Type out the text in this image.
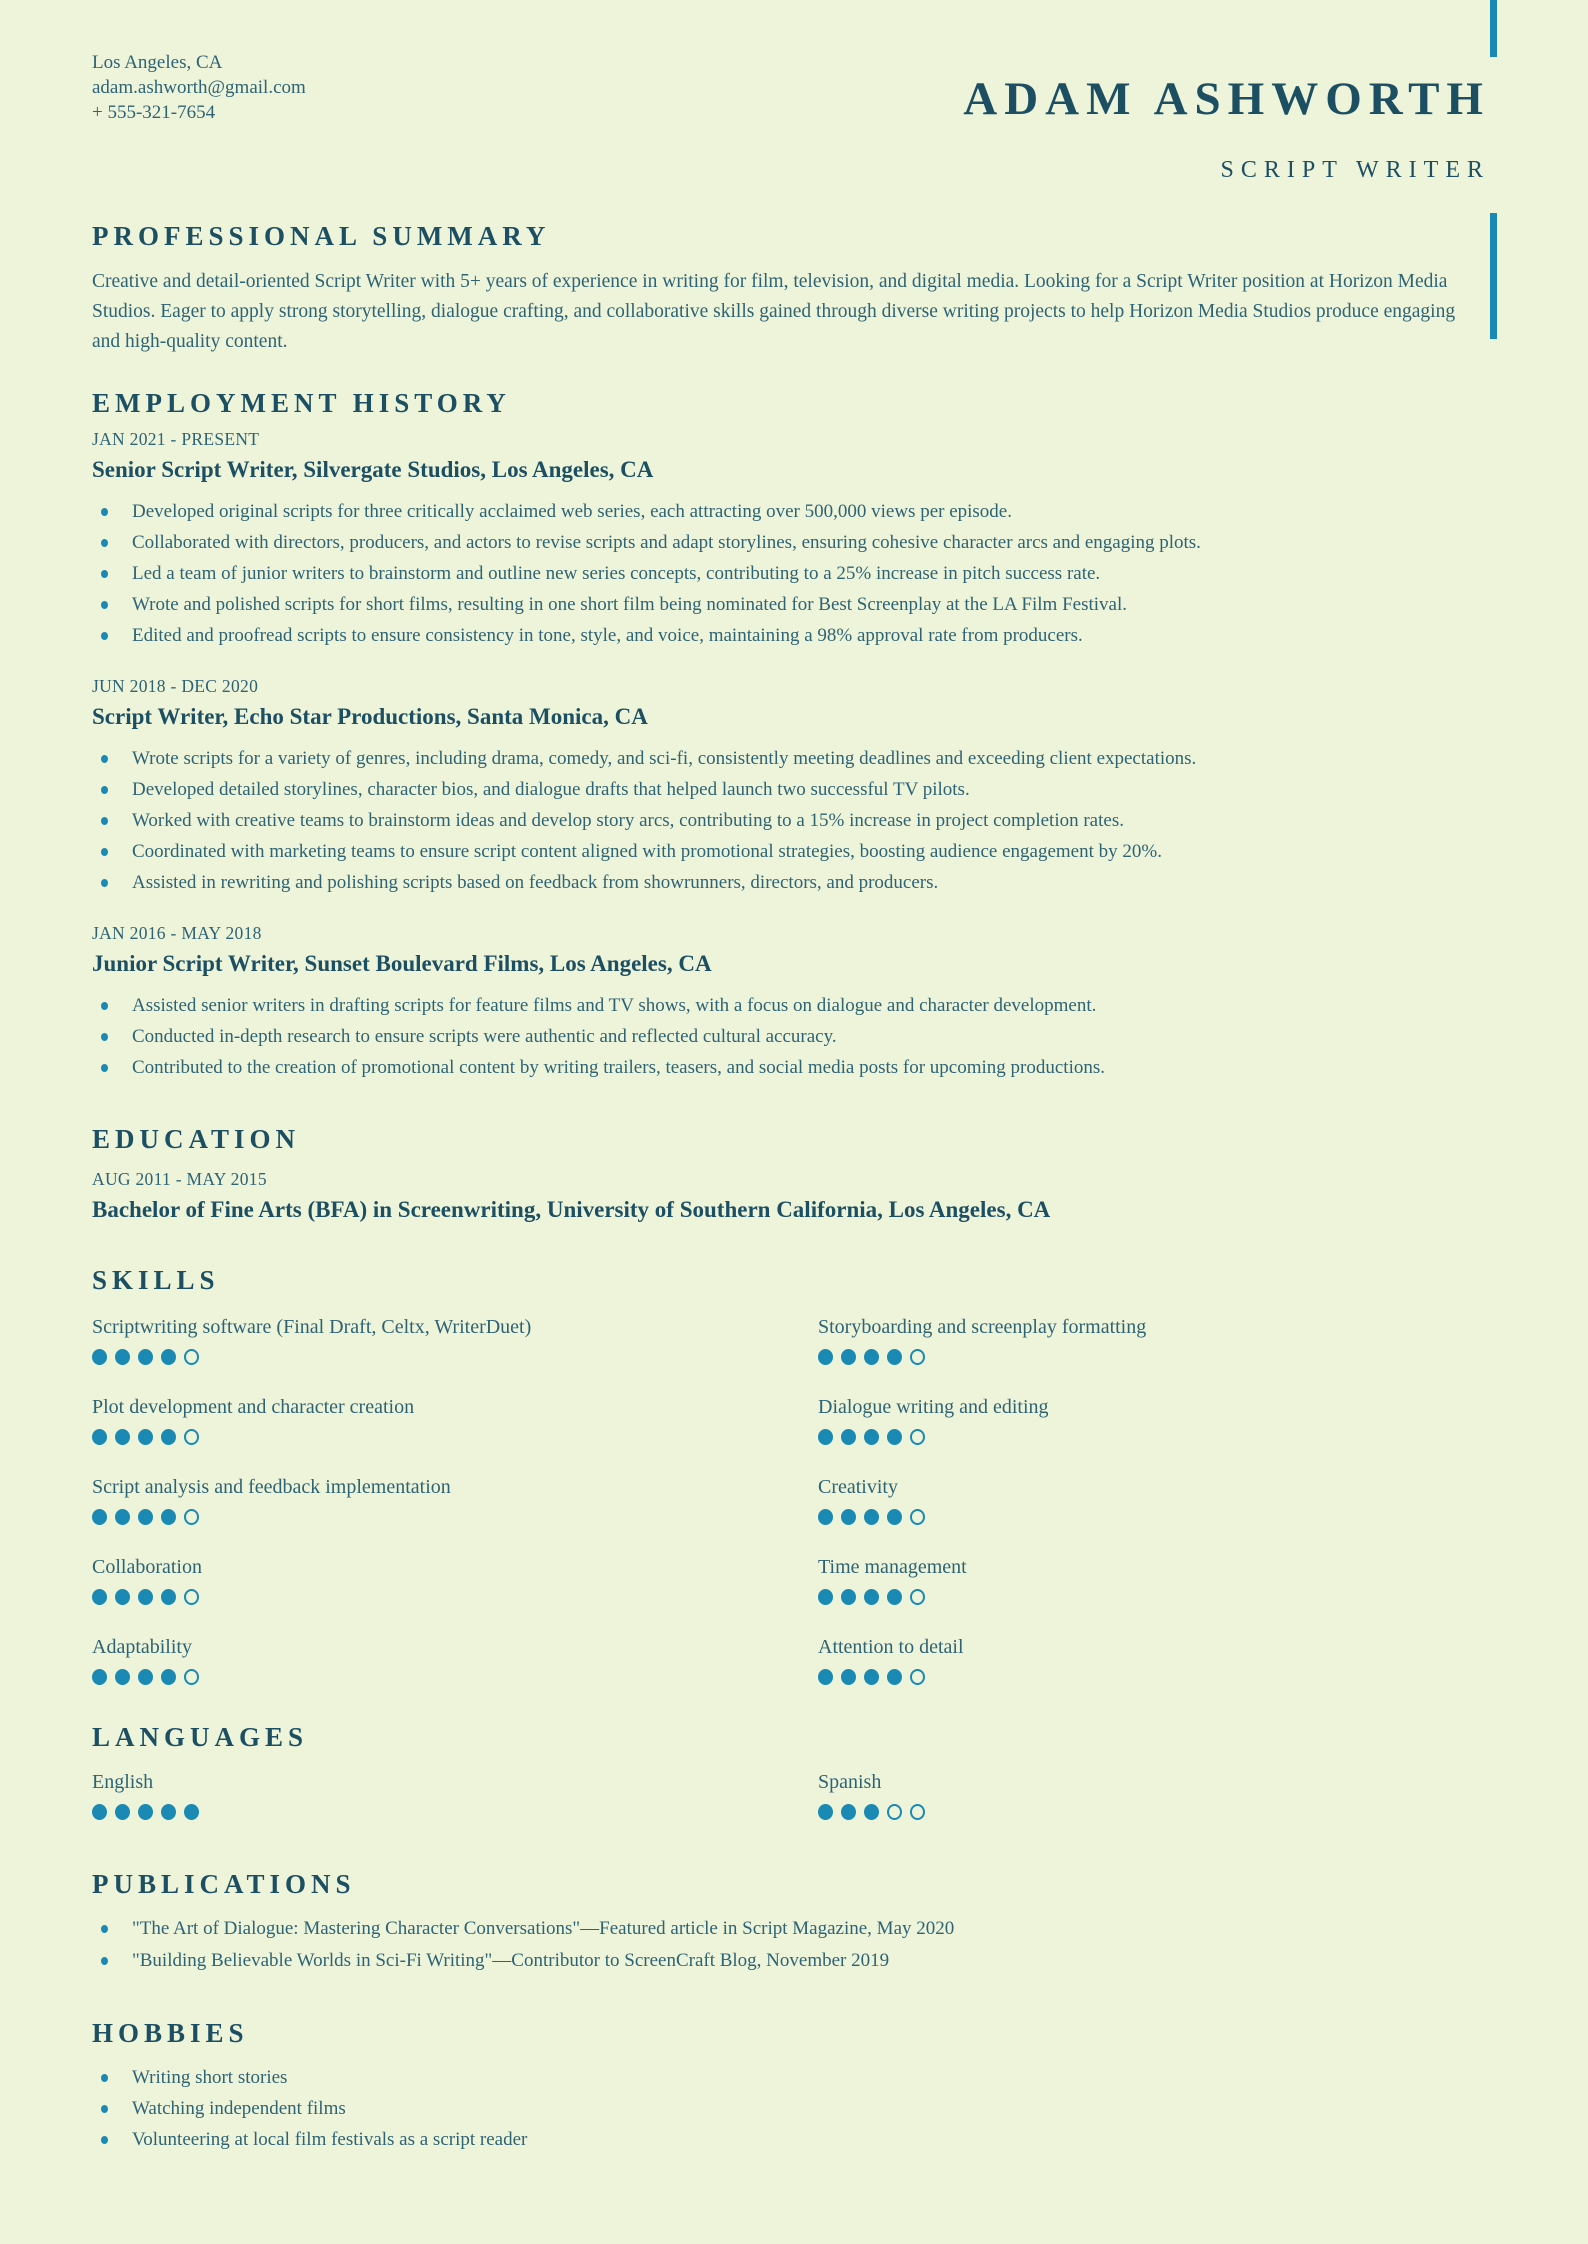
Los Angeles, CA
adam.ashworth@gmail.com
+ 555-321-7654	ADAM ASHWORTH
SCRIPT WRITER
PROFESSIONAL SUMMARY
Creative and detail-oriented Script Writer with 5+ years of experience in writing for film, television, and digital media. Looking for a Script Writer position at Horizon Media Studios. Eager to apply strong storytelling, dialogue crafting, and collaborative skills gained through diverse writing projects to help Horizon Media Studios produce engaging and high-quality content.
EMPLOYMENT HISTORY
JAN 2021 - PRESENT
Senior Script Writer, Silvergate Studios, Los Angeles, CA
Developed original scripts for three critically acclaimed web series, each attracting over 500,000 views per episode.
Collaborated with directors, producers, and actors to revise scripts and adapt storylines, ensuring cohesive character arcs and engaging plots.
Led a team of junior writers to brainstorm and outline new series concepts, contributing to a 25% increase in pitch success rate.
Wrote and polished scripts for short films, resulting in one short film being nominated for Best Screenplay at the LA Film Festival.
Edited and proofread scripts to ensure consistency in tone, style, and voice, maintaining a 98% approval rate from producers.
JUN 2018 - DEC 2020
Script Writer, Echo Star Productions, Santa Monica, CA
Wrote scripts for a variety of genres, including drama, comedy, and sci-fi, consistently meeting deadlines and exceeding client expectations.
Developed detailed storylines, character bios, and dialogue drafts that helped launch two successful TV pilots.
Worked with creative teams to brainstorm ideas and develop story arcs, contributing to a 15% increase in project completion rates.
Coordinated with marketing teams to ensure script content aligned with promotional strategies, boosting audience engagement by 20%.
Assisted in rewriting and polishing scripts based on feedback from showrunners, directors, and producers.
JAN 2016 - MAY 2018
Junior Script Writer, Sunset Boulevard Films, Los Angeles, CA
Assisted senior writers in drafting scripts for feature films and TV shows, with a focus on dialogue and character development.
Conducted in-depth research to ensure scripts were authentic and reflected cultural accuracy.
Contributed to the creation of promotional content by writing trailers, teasers, and social media posts for upcoming productions.
EDUCATION
AUG 2011 - MAY 2015
Bachelor of Fine Arts (BFA) in Screenwriting, University of Southern California, Los Angeles, CA
SKILLS
Scriptwriting software (Final Draft, Celtx, WriterDuet)	Storyboarding and screenplay formatting
Plot development and character creation	Dialogue writing and editing
Script analysis and feedback implementation	Creativity
Collaboration	Time management
Adaptability	Attention to detail
LANGUAGES
English	Spanish
PUBLICATIONS
"The Art of Dialogue: Mastering Character Conversations"—Featured article in Script Magazine, May 2020
"Building Believable Worlds in Sci-Fi Writing"—Contributor to ScreenCraft Blog, November 2019
HOBBIES
Writing short stories
Watching independent films
Volunteering at local film festivals as a script reader
